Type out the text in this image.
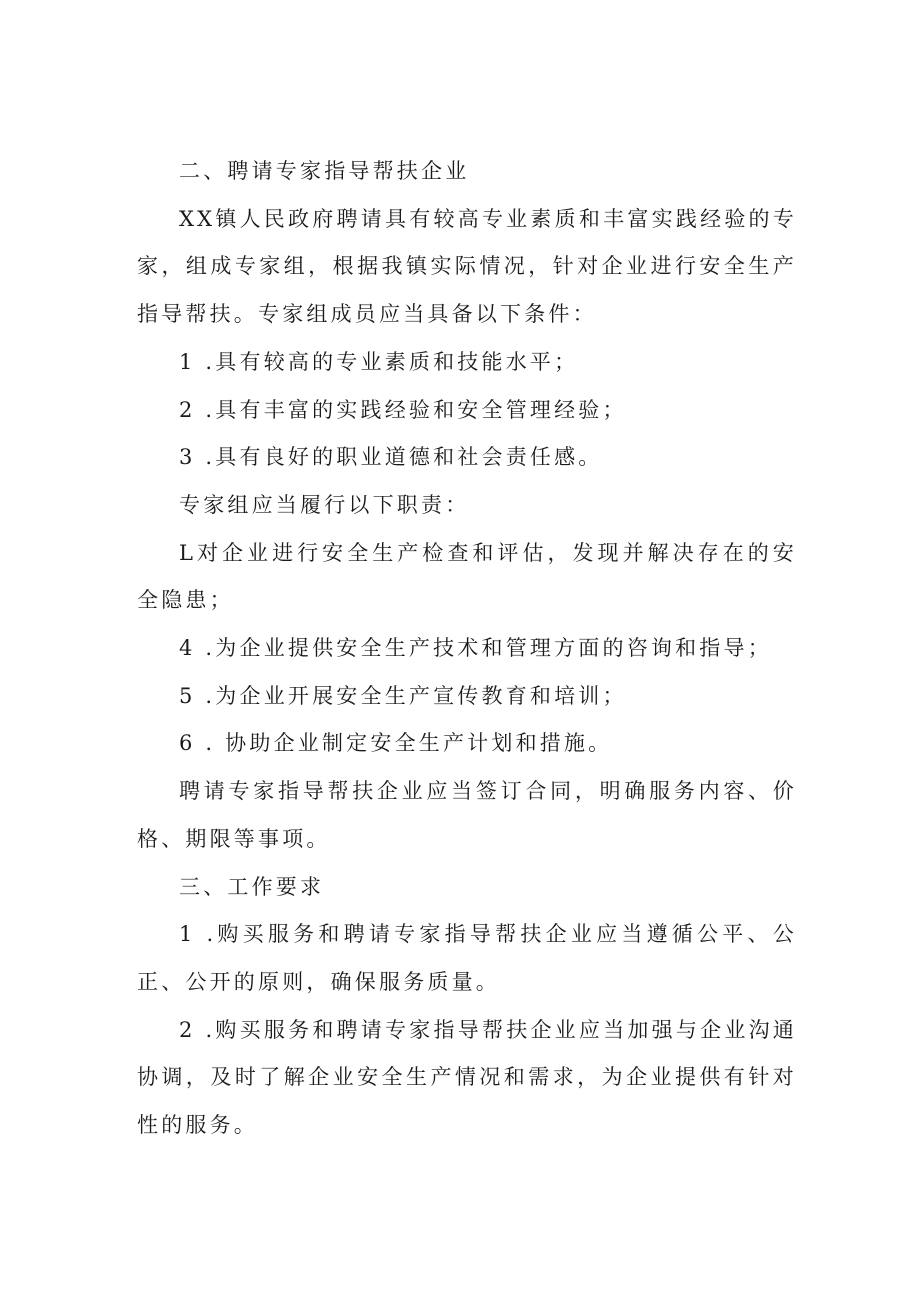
二、聘请专家指导帮扶企业

XX镇人民政府聘请具有较高专业素质和丰富实践经验的专家，组成专家组，根据我镇实际情况，针对企业进行安全生产指导帮扶。专家组成员应当具备以下条件：

1 .具有较高的专业素质和技能水平；

2 .具有丰富的实践经验和安全管理经验；

3 .具有良好的职业道德和社会责任感。

专家组应当履行以下职责：

L对企业进行安全生产检查和评估，发现并解决存在的安全隐患；

4 .为企业提供安全生产技术和管理方面的咨询和指导；

5 .为企业开展安全生产宣传教育和培训；

6 . 协助企业制定安全生产计划和措施。

聘请专家指导帮扶企业应当签订合同，明确服务内容、价格、期限等事项。

三、工作要求

1 .购买服务和聘请专家指导帮扶企业应当遵循公平、公正、公开的原则，确保服务质量。

2 .购买服务和聘请专家指导帮扶企业应当加强与企业沟通协调，及时了解企业安全生产情况和需求，为企业提供有针对性的服务。
